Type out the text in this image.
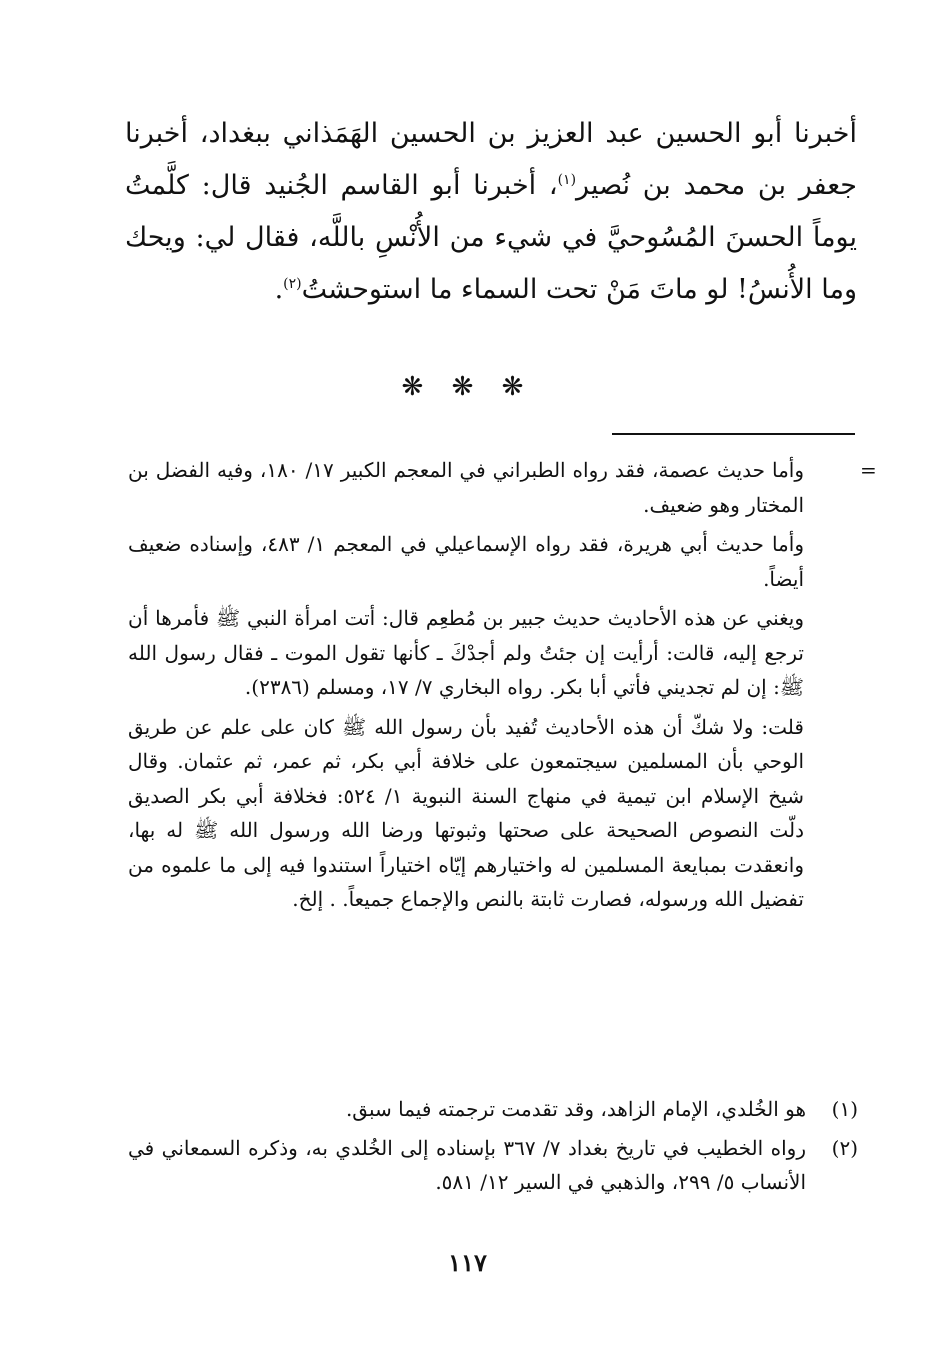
أخبرنا أبو الحسين عبد العزيز بن الحسين الهَمَذاني ببغداد، أخبرنا جعفر بن محمد بن نُصير$^{(١)}$، أخبرنا أبو القاسم الجُنيد قال: كلَّمتُ يوماً الحسنَ المُسُوحيَّ في شيء من الأُنْسِ باللَّه، فقال لي: ويحك وما الأُنسُ! لو ماتَ مَنْ تحت السماء ما استوحشتُ$^{(٢)}$.

❋ ❋ ❋
=

وأما حديث عصمة، فقد رواه الطبراني في المعجم الكبير ١٧/ ١٨٠، وفيه الفضل بن المختار وهو ضعيف.

وأما حديث أبي هريرة، فقد رواه الإسماعيلي في المعجم ١/ ٤٨٣، وإسناده ضعيف أيضاً.

ويغني عن هذه الأحاديث حديث جبير بن مُطعِم قال: أتت امرأة النبي ﷺ فأمرها أن ترجع إليه، قالت: أرأيت إن جئتُ ولم أجدْكَ ـ كأنها تقول الموت ـ فقال رسول الله ﷺ: إن لم تجديني فأتي أبا بكر. رواه البخاري ٧/ ١٧، ومسلم (٢٣٨٦).

قلت: ولا شكّ أن هذه الأحاديث تُفيد بأن رسول الله ﷺ كان على علم عن طريق الوحي بأن المسلمين سيجتمعون على خلافة أبي بكر، ثم عمر، ثم عثمان. وقال شيخ الإسلام ابن تيمية في منهاج السنة النبوية ١/ ٥٢٤: فخلافة أبي بكر الصديق دلّت النصوص الصحيحة على صحتها وثبوتها ورضا الله ورسول الله ﷺ له بها، وانعقدت بمبايعة المسلمين له واختيارهم إيّاه اختياراً استندوا فيه إلى ما علموه من تفضيل الله ورسوله، فصارت ثابتة بالنص والإجماع جميعاً. . إلخ.

(١)
هو الخُلدي، الإمام الزاهد، وقد تقدمت ترجمته فيما سبق.
(٢)
رواه الخطيب في تاريخ بغداد ٧/ ٣٦٧ بإسناده إلى الخُلدي به، وذكره السمعاني في الأنساب ٥/ ٢٩٩، والذهبي في السير ١٢/ ٥٨١.
١١٧
